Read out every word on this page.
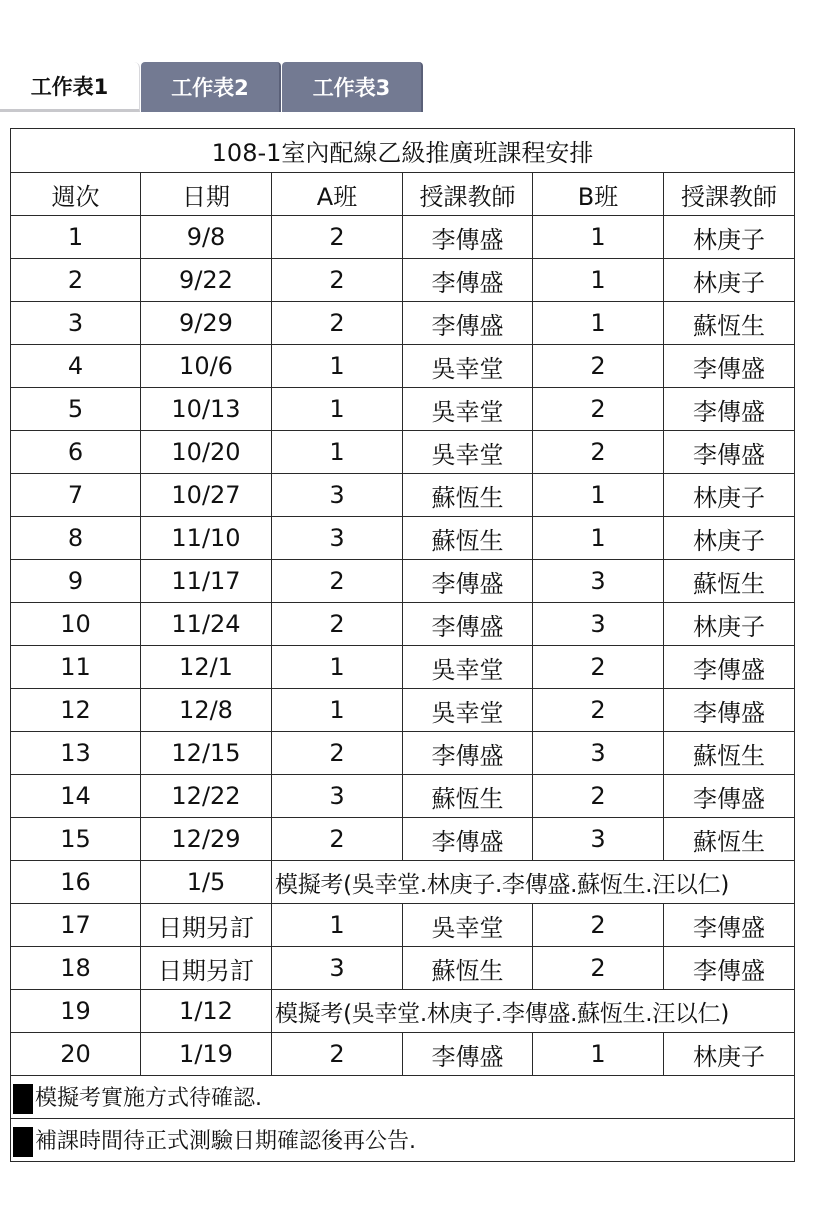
工作表1	工作表2	工作表3
108-1室內配線乙級推廣班課程安排					
週次	日期	A班	授課教師	B班	授課教師
1	9/8	2	李傳盛	1	林庚子
2	9/22	2	李傳盛	1	林庚子
3	9/29	2	李傳盛	1	蘇恆生
4	10/6	1	吳幸堂	2	李傳盛
5	10/13	1	吳幸堂	2	李傳盛
6	10/20	1	吳幸堂	2	李傳盛
7	10/27	3	蘇恆生	1	林庚子
8	11/10	3	蘇恆生	1	林庚子
9	11/17	2	李傳盛	3	蘇恆生
10	11/24	2	李傳盛	3	林庚子
11	12/1	1	吳幸堂	2	李傳盛
12	12/8	1	吳幸堂	2	李傳盛
13	12/15	2	李傳盛	3	蘇恆生
14	12/22	3	蘇恆生	2	李傳盛
15	12/29	2	李傳盛	3	蘇恆生
16	1/5	模擬考(吳幸堂.林庚子.李傳盛.蘇恆生.汪以仁)			
17	日期另訂	1	吳幸堂	2	李傳盛
18	日期另訂	3	蘇恆生	2	李傳盛
19	1/12	模擬考(吳幸堂.林庚子.李傳盛.蘇恆生.汪以仁)			
20	1/19	2	李傳盛	1	林庚子
模擬考實施方式待確認.					
補課時間待正式測驗日期確認後再公告.					
